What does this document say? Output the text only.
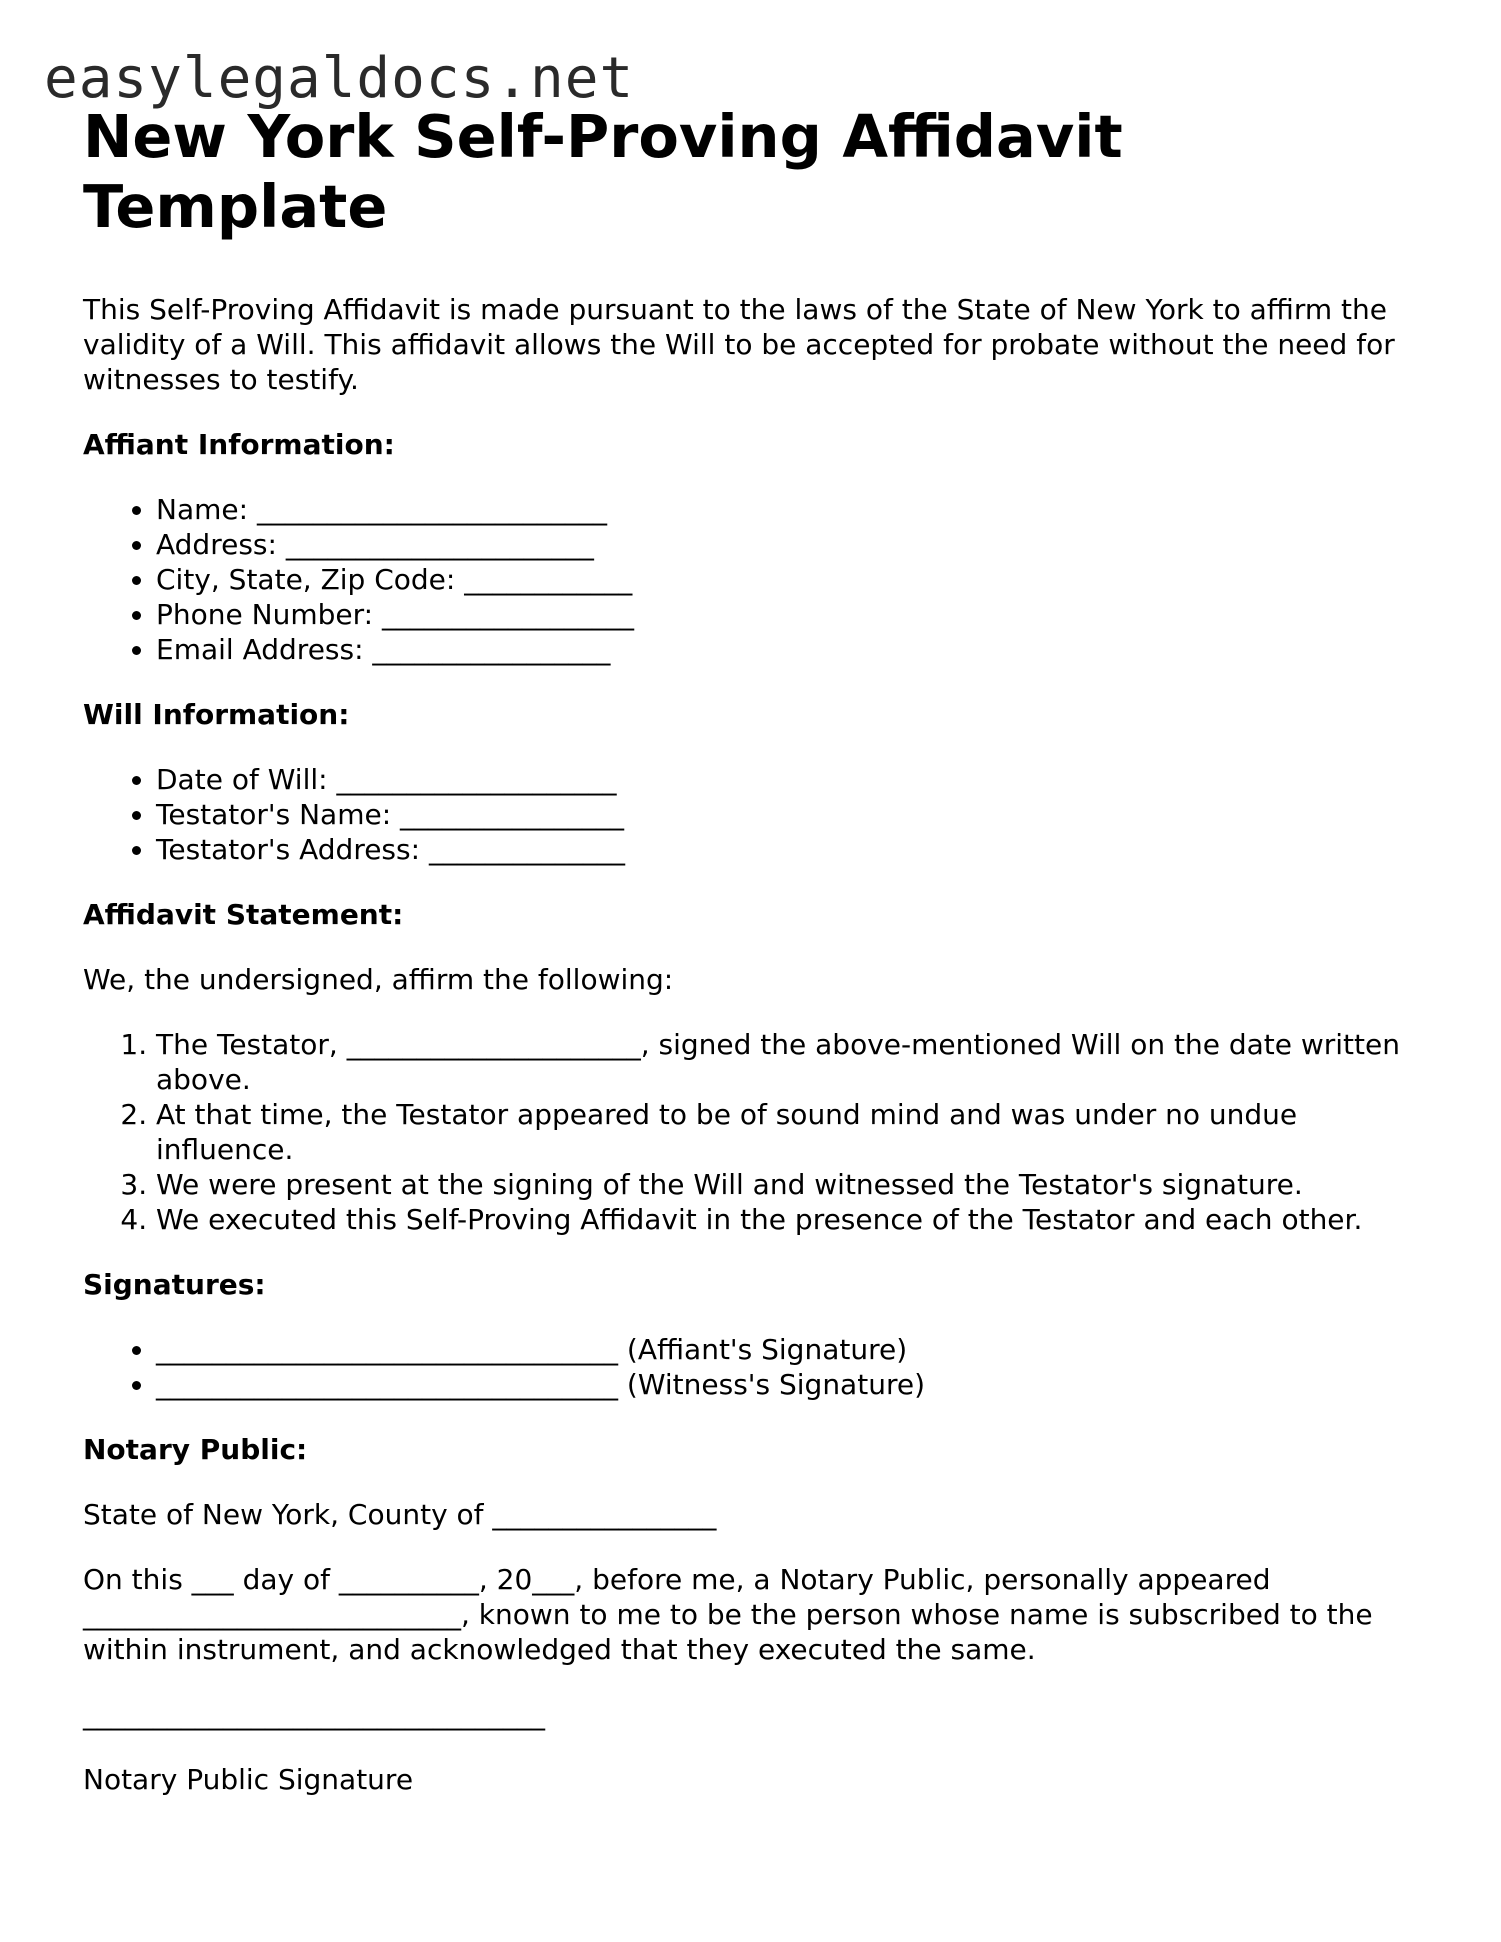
easylegaldocs.net
New York Self-Proving Affidavit Template

This Self-Proving Affidavit is made pursuant to the laws of the State of New York to affirm the validity of a Will. This affidavit allows the Will to be accepted for probate without the need for witnesses to testify.

Affiant Information:

• Name: _________________________
• Address: ______________________
• City, State, Zip Code: ____________
• Phone Number: __________________
• Email Address: _________________

Will Information:

• Date of Will: ____________________
• Testator's Name: ________________
• Testator's Address: ______________

Affidavit Statement:

We, the undersigned, affirm the following:

1. The Testator, _____________________, signed the above-mentioned Will on the date written above.
2. At that time, the Testator appeared to be of sound mind and was under no undue influence.
3. We were present at the signing of the Will and witnessed the Testator's signature.
4. We executed this Self-Proving Affidavit in the presence of the Testator and each other.

Signatures:

• _________________________________ (Affiant's Signature)
• _________________________________ (Witness's Signature)

Notary Public:

State of New York, County of ________________

On this ___ day of __________, 20___, before me, a Notary Public, personally appeared ___________________________, known to me to be the person whose name is subscribed to the within instrument, and acknowledged that they executed the same.

_________________________________

Notary Public Signature
